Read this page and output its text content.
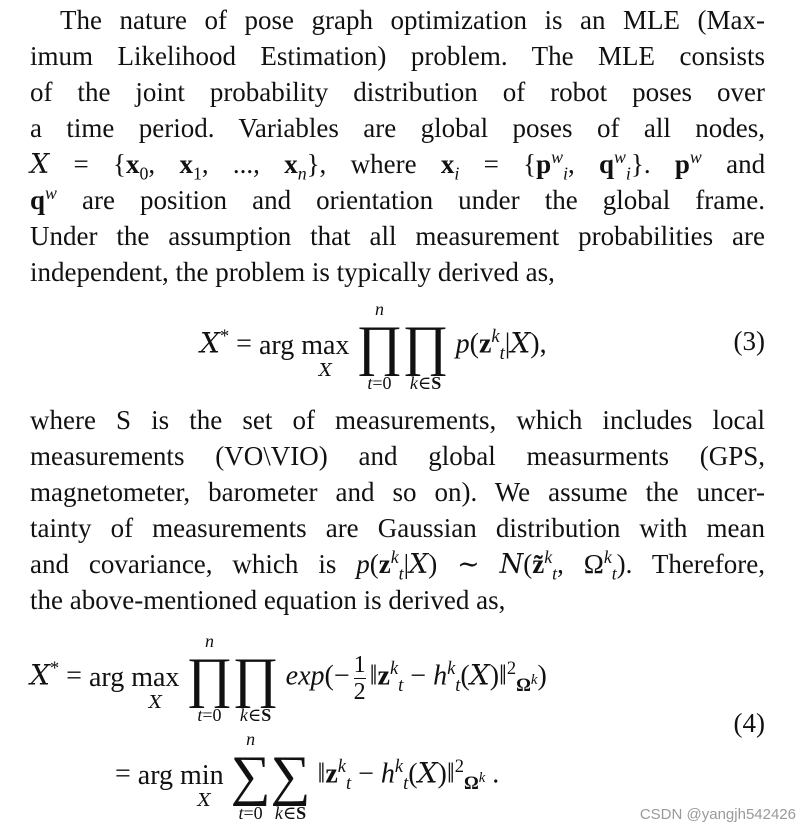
The nature of pose graph optimization is an MLE (Max-
imum Likelihood Estimation) problem. The MLE consists
of the joint probability distribution of robot poses over
a time period. Variables are global poses of all nodes,
$X = \{x_0$, $x_1$, ..., $x_n$}, where $x_i = \{p^w_i$, $q^w_i$}. $p^w$ and
$q^w$ are position and orientation under the global frame.
Under the assumption that all measurement probabilities are
independent, the problem is typically derived as,
X* = arg max
X

n
∏
t=0

∏
k∈S
$p(z^k_t|X)$,	(3)
where S is the set of measurements, which includes local
measurements (VO\VIO) and global measurments (GPS,
magnetometer, barometer and so on). We assume the uncer-
tainty of measurements are Gaussian distribution with mean
and covariance, which is $p(z^k_t|X)$ ∼ N(z̃$^k_t$, $\Omega^k_t$). Therefore,
the above-mentioned equation is derived as,
X* = arg max
X

n
∏
t=0

∏
k∈S
$\exp(- \frac{1}{2}$ $‖z^k_t$ − $h^k_t(X)‖^2_{\Omega^k}$)
(4)
= arg min
X

n
∑
t=0

∑
k∈S
$‖z^k_t$ − $h^k_t(X)‖^2_{\Omega^k}$ .
CSDN @yangjh542426
